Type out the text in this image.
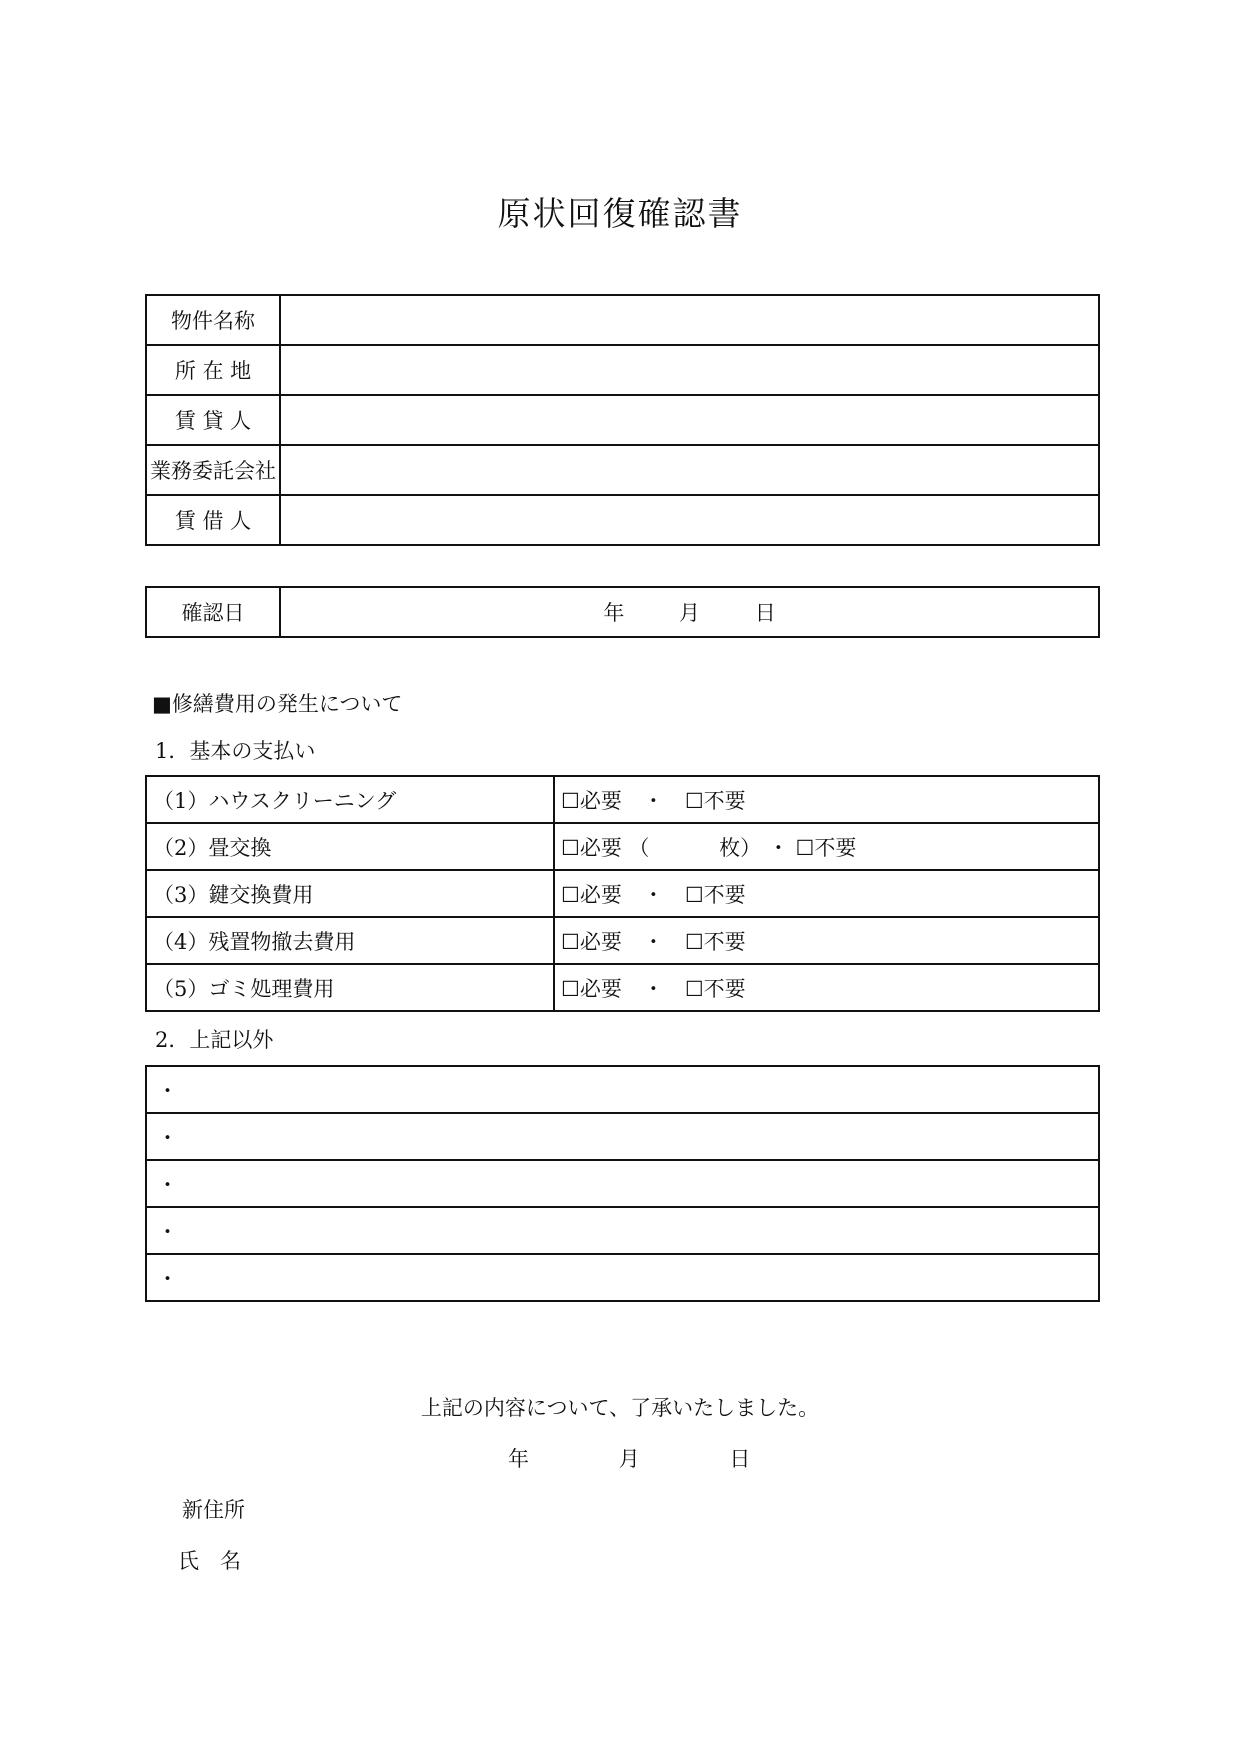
原状回復確認書
物件名称	
所 在 地	
賃 貸 人	
業務委託会社	
賃 借 人	
確認日	年	月	日
■修繕費用の発生について
1．基本の支払い
（1）ハウスクリーニング	☐必要　・　☐不要
（2）畳交換	☐必要 （　　　 枚） ・ ☐不要
（3）鍵交換費用	☐必要　・　☐不要
（4）残置物撤去費用	☐必要　・　☐不要
（5）ゴミ処理費用	☐必要　・　☐不要
2．上記以外
・
・
・
・
・
上記の内容について、了承いたしました。
年	月	日
新住所
氏　名
